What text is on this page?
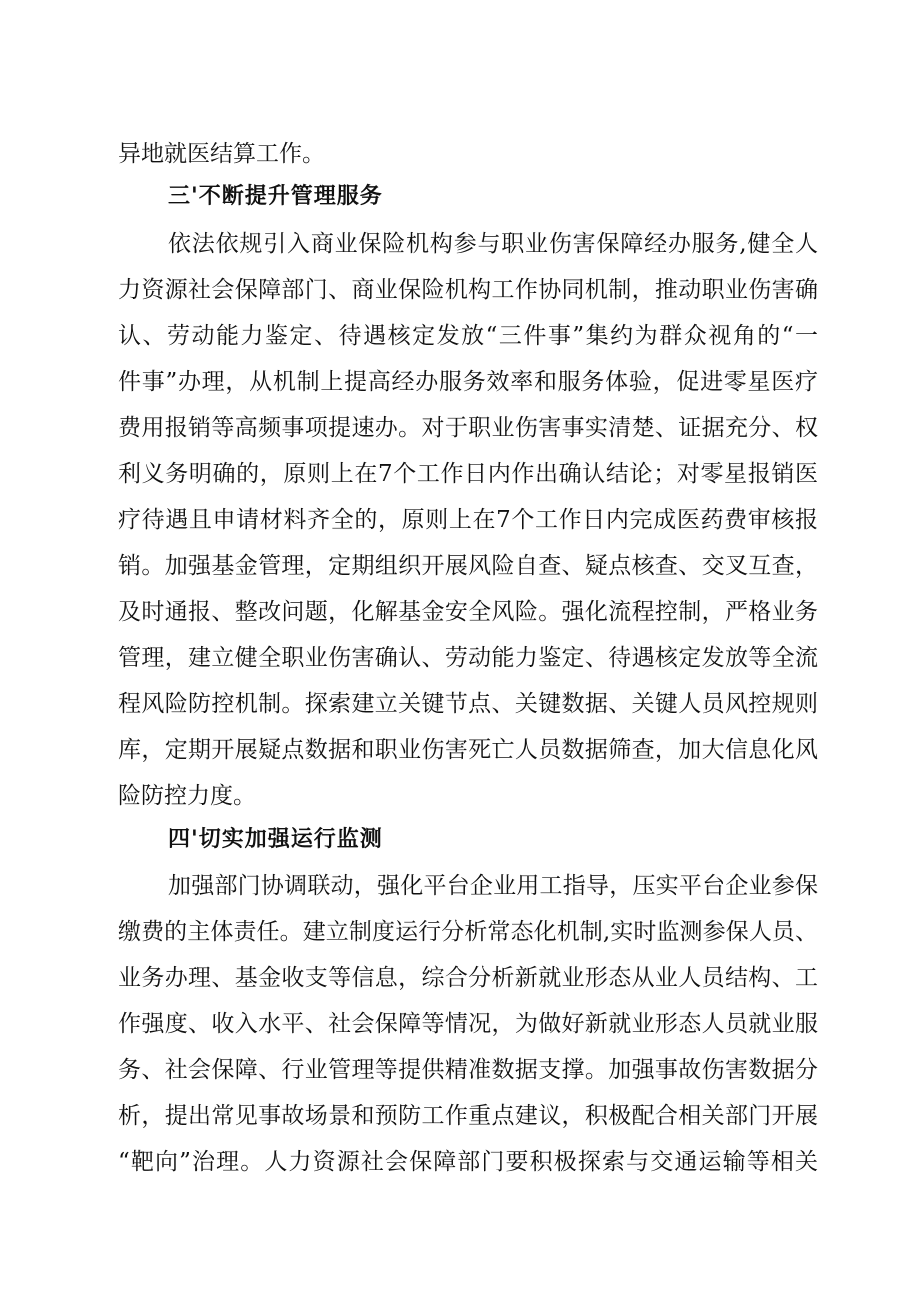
异地就医结算工作。
三'不断提升管理服务
依法依规引入商业保险机构参与职业伤害保障经办服务,健全人
力资源社会保障部门、商业保险机构工作协同机制，推动职业伤害确
认、劳动能力鉴定、待遇核定发放“三件事”集约为群众视角的“一
件事”办理，从机制上提高经办服务效率和服务体验，促进零星医疗
费用报销等高频事项提速办。对于职业伤害事实清楚、证据充分、权
利义务明确的，原则上在7个工作日内作出确认结论；对零星报销医
疗待遇且申请材料齐全的，原则上在7个工作日内完成医药费审核报
销。加强基金管理，定期组织开展风险自查、疑点核查、交叉互查，
及时通报、整改问题，化解基金安全风险。强化流程控制，严格业务
管理，建立健全职业伤害确认、劳动能力鉴定、待遇核定发放等全流
程风险防控机制。探索建立关键节点、关键数据、关键人员风控规则
库，定期开展疑点数据和职业伤害死亡人员数据筛查，加大信息化风
险防控力度。
四'切实加强运行监测
加强部门协调联动，强化平台企业用工指导，压实平台企业参保
缴费的主体责任。建立制度运行分析常态化机制,实时监测参保人员、
业务办理、基金收支等信息，综合分析新就业形态从业人员结构、工
作强度、收入水平、社会保障等情况，为做好新就业形态人员就业服
务、社会保障、行业管理等提供精准数据支撑。加强事故伤害数据分
析，提出常见事故场景和预防工作重点建议，积极配合相关部门开展
“靶向”治理。人力资源社会保障部门要积极探索与交通运输等相关
